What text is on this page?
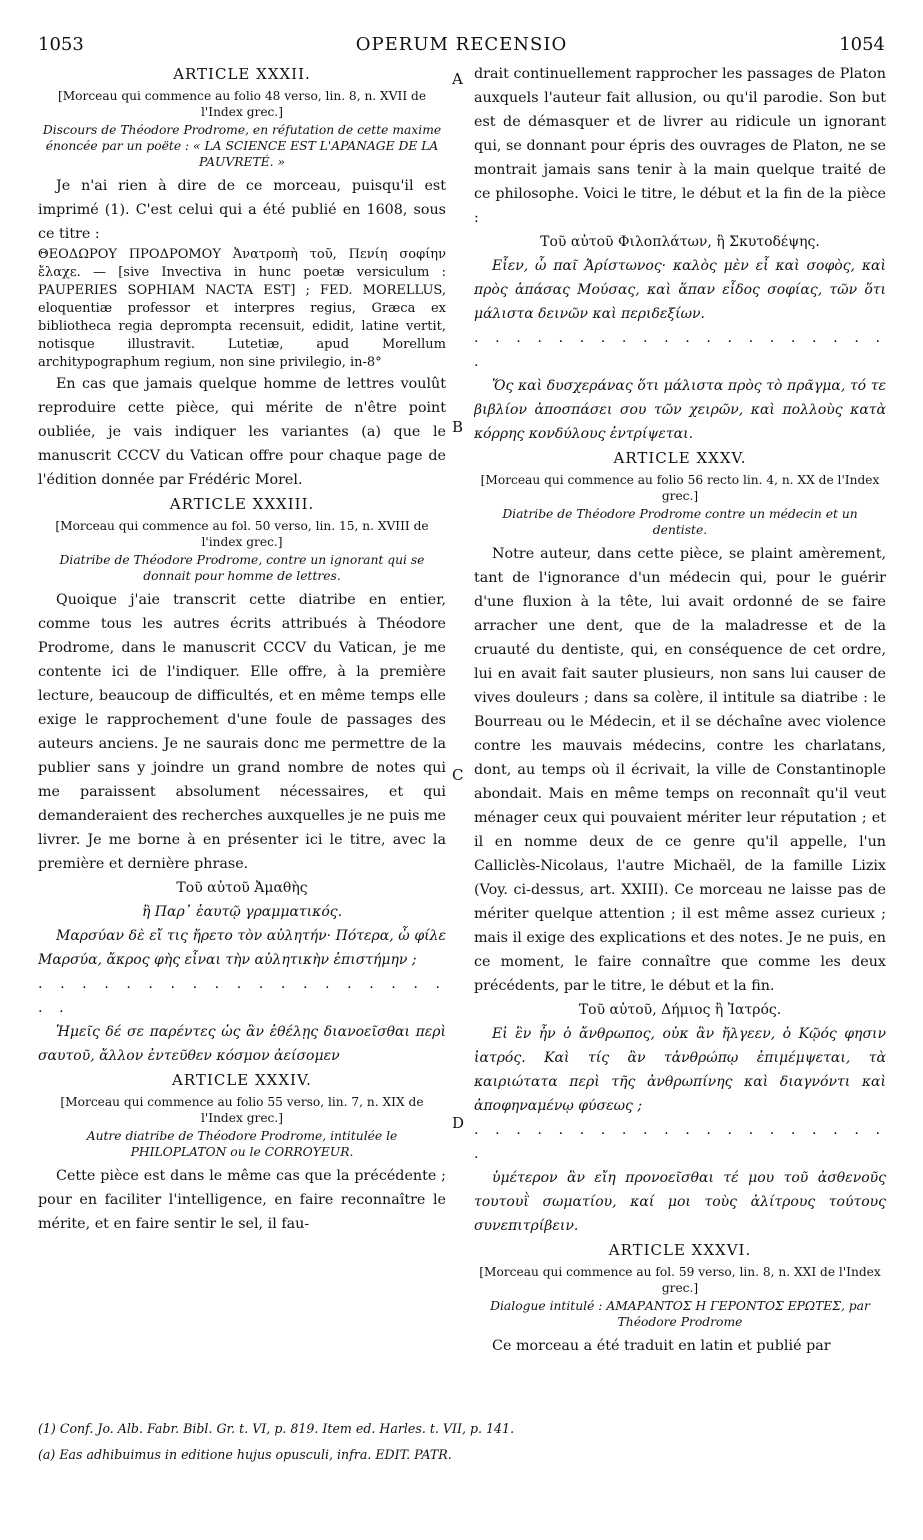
1053	OPERUM RECENSIO	1054
A
B
C
D
ARTICLE XXXII.
[Morceau qui commence au folio 48 verso, lin. 8, n. XVII de l'Index grec.]
Discours de Théodore Prodrome, en réfutation de cette maxime énoncée par un poëte : « LA SCIENCE EST L'APANAGE DE LA PAUVRETÉ. »

Je n'ai rien à dire de ce morceau, puisqu'il est imprimé (1). C'est celui qui a été publié en 1608, sous ce titre :

ΘΕΟΔΩΡΟΥ ΠΡΟΔΡΟΜΟΥ Ἀνατροπὴ τοῦ, Πενίη σοφίην ἔλαχε. — [sive Invectiva in hunc poetæ versiculum : PAUPERIES SOPHIAM NACTA EST] ; FED. MORELLUS, eloquentiæ professor et interpres regius, Græca ex bibliotheca regia deprompta recensuit, edidit, latine vertit, notisque illustravit. Lutetiæ, apud Morellum architypographum regium, non sine privilegio, in-8°

En cas que jamais quelque homme de lettres voulût reproduire cette pièce, qui mérite de n'être point oubliée, je vais indiquer les variantes (a) que le manuscrit CCCV du Vatican offre pour chaque page de l'édition donnée par Frédéric Morel.

ARTICLE XXXIII.
[Morceau qui commence au fol. 50 verso, lin. 15, n. XVIII de l'index grec.]
Diatribe de Théodore Prodrome, contre un ignorant qui se donnait pour homme de lettres.

Quoique j'aie transcrit cette diatribe en entier, comme tous les autres écrits attribués à Théodore Prodrome, dans le manuscrit CCCV du Vatican, je me contente ici de l'indiquer. Elle offre, à la première lecture, beaucoup de difficultés, et en même temps elle exige le rapprochement d'une foule de passages des auteurs anciens. Je ne saurais donc me permettre de la publier sans y joindre un grand nombre de notes qui me paraissent absolument nécessaires, et qui demanderaient des recherches auxquelles je ne puis me livrer. Je me borne à en présenter ici le titre, avec la première et dernière phrase.

Τοῦ αὐτοῦ Ἀμαθὴς
ἢ Παρ᾽ ἑαυτῷ γραμματικός.

Μαρσύαν δὲ εἴ τις ἤρετο τὸν αὐλητήν· Πότερα, ὦ φίλε Μαρσύα, ἄκρος φὴς εἶναι τὴν αὐλητικὴν ἐπιστήμην ;

. . . . . . . . . . . . . . . . . . . . .

Ἡμεῖς δέ σε παρέντες ὡς ἂν ἐθέλῃς διανοεῖσθαι περὶ σαυτοῦ, ἄλλον ἐντεῦθεν κόσμον ἀείσομεν

ARTICLE XXXIV.
[Morceau qui commence au folio 55 verso, lin. 7, n. XIX de l'Index grec.]
Autre diatribe de Théodore Prodrome, intitulée le PHILOPLATON ou le CORROYEUR.

Cette pièce est dans le même cas que la précédente ; pour en faciliter l'intelligence, en faire reconnaître le mérite, et en faire sentir le sel, il fau-

drait continuellement rapprocher les passages de Platon auxquels l'auteur fait allusion, ou qu'il parodie. Son but est de démasquer et de livrer au ridicule un ignorant qui, se donnant pour épris des ouvrages de Platon, ne se montrait jamais sans tenir à la main quelque traité de ce philosophe. Voici le titre, le début et la fin de la pièce :

Τοῦ αὐτοῦ Φιλοπλάτων, ἢ Σκυτοδέψης.

Εἶεν, ὦ παῖ Ἀρίστωνος· καλὸς μὲν εἶ καὶ σοφὸς, καὶ πρὸς ἁπάσας Μούσας, καὶ ἅπαν εἶδος σοφίας, τῶν ὅτι μάλιστα δεινῶν καὶ περιδεξίων.

. . . . . . . . . . . . . . . . . . . . .

Ὅς καὶ δυσχεράνας ὅτι μάλιστα πρὸς τὸ πρᾶγμα, τό τε βιβλίον ἀποσπάσει σου τῶν χειρῶν, καὶ πολλοὺς κατὰ κόρρης κονδύλους ἐντρίψεται.

ARTICLE XXXV.
[Morceau qui commence au folio 56 recto lin. 4, n. XX de l'Index grec.]
Diatribe de Théodore Prodrome contre un médecin et un dentiste.

Notre auteur, dans cette pièce, se plaint amèrement, tant de l'ignorance d'un médecin qui, pour le guérir d'une fluxion à la tête, lui avait ordonné de se faire arracher une dent, que de la maladresse et de la cruauté du dentiste, qui, en conséquence de cet ordre, lui en avait fait sauter plusieurs, non sans lui causer de vives douleurs ; dans sa colère, il intitule sa diatribe : le Bourreau ou le Médecin, et il se déchaîne avec violence contre les mauvais médecins, contre les charlatans, dont, au temps où il écrivait, la ville de Constantinople abondait. Mais en même temps on reconnaît qu'il veut ménager ceux qui pouvaient mériter leur réputation ; et il en nomme deux de ce genre qu'il appelle, l'un Calliclès-Nicolaus, l'autre Michaël, de la famille Lizix (Voy. ci-dessus, art. XXIII). Ce morceau ne laisse pas de mériter quelque attention ; il est même assez curieux ; mais il exige des explications et des notes. Je ne puis, en ce moment, le faire connaître que comme les deux précédents, par le titre, le début et la fin.

Τοῦ αὐτοῦ, Δήμιος ἢ Ἰατρός.

Εἰ ἓν ἦν ὁ ἄνθρωπος, οὐκ ἂν ἤλγεεν, ὁ Κῷός φησιν ἰατρός. Καὶ τίς ἂν τἀνθρώπῳ ἐπιμέμψεται, τὰ καιριώτατα περὶ τῆς ἀνθρωπίνης καὶ διαγνόντι καὶ ἀποφηναμένῳ φύσεως ;

. . . . . . . . . . . . . . . . . . . . .

ὑμέτερον ἂν εἴη προνοεῖσθαι τέ μου τοῦ ἀσθενοῦς τουτουῒ σωματίου, καί μοι τοὺς ἀλίτρους τούτους συνεπιτρίβειν.

ARTICLE XXXVI.
[Morceau qui commence au fol. 59 verso, lin. 8, n. XXI de l'Index grec.]
Dialogue intitulé : ΑΜΑΡΑΝΤΟΣ Η ΓΕΡΟΝΤΟΣ ΕΡΩΤΕΣ, par Théodore Prodrome

Ce morceau a été traduit en latin et publié par

(1) Conf. Jo. Alb. Fabr. Bibl. Gr. t. VI, p. 819. Item ed. Harles. t. VII, p. 141.
(a) Eas adhibuimus in editione hujus opusculi, infra. EDIT. PATR.
